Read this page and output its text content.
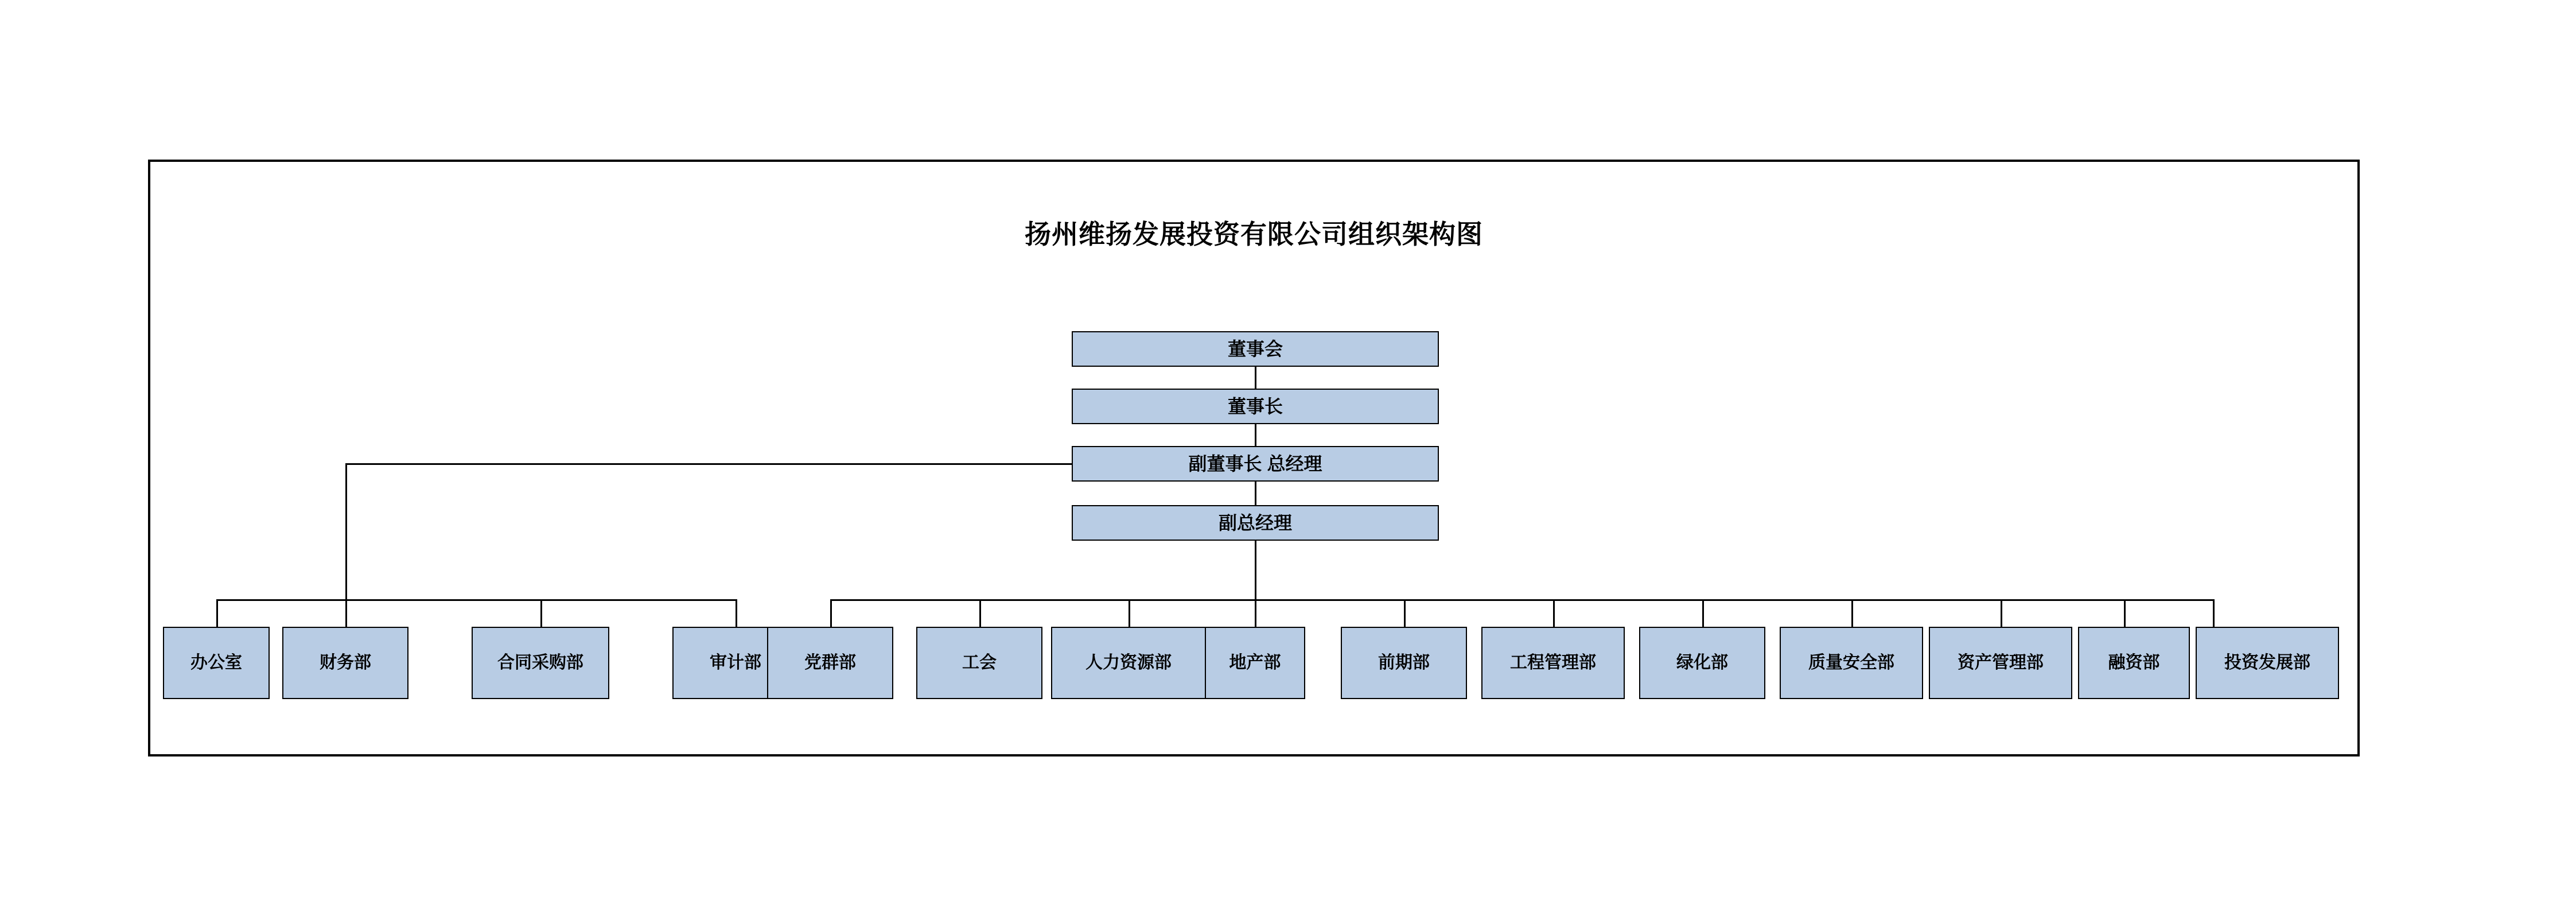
扬州维扬发展投资有限公司组织架构图
董事会
董事长
副董事长 总经理
副总经理
办公室	财务部	合同采购部	审计部	党群部	工会	人力资源部	地产部	前期部	工程管理部	绿化部	质量安全部	资产管理部	融资部	投资发展部
